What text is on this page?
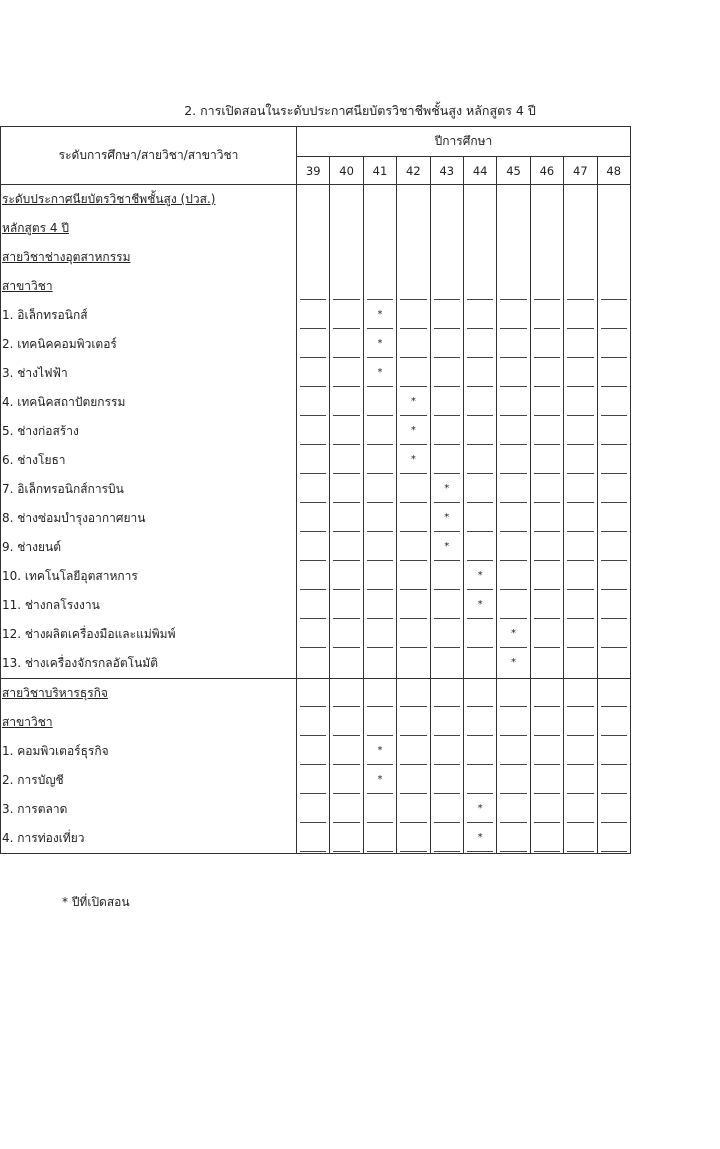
2. การเปิดสอนในระดับประกาศนียบัตรวิชาชีพชั้นสูง หลักสูตร 4 ปี
ระดับการศึกษา/สายวิชา/สาขาวิชา	ปีการศึกษา									
	39	40	41	42	43	44	45	46	47	48
ระดับประกาศนียบัตรวิชาชีพชั้นสูง (ปวส.)										
หลักสูตร 4 ปี										
สายวิชาช่างอุตสาหกรรม										
สาขาวิชา										
1. อิเล็กทรอนิกส์			*							

2. เทคนิคคอมพิวเตอร์			*							

3. ช่างไฟฟ้า			*							

4. เทคนิคสถาปัตยกรรม				*						

5. ช่างก่อสร้าง				*						

6. ช่างโยธา				*						

7. อิเล็กทรอนิกส์การบิน					*					

8. ช่างซ่อมบำรุงอากาศยาน					*					

9. ช่างยนต์					*					

10. เทคโนโลยีอุตสาหการ						*				

11. ช่างกลโรงงาน						*				

12. ช่างผลิตเครื่องมือและแม่พิมพ์							*			

13. ช่างเครื่องจักรกลอัตโนมัติ							*			

สายวิชาบริหารธุรกิจ										
สาขาวิชา										
1. คอมพิวเตอร์ธุรกิจ			*							

2. การบัญชี			*							

3. การตลาด						*				

4. การท่องเที่ยว						*				

* ปีที่เปิดสอน
